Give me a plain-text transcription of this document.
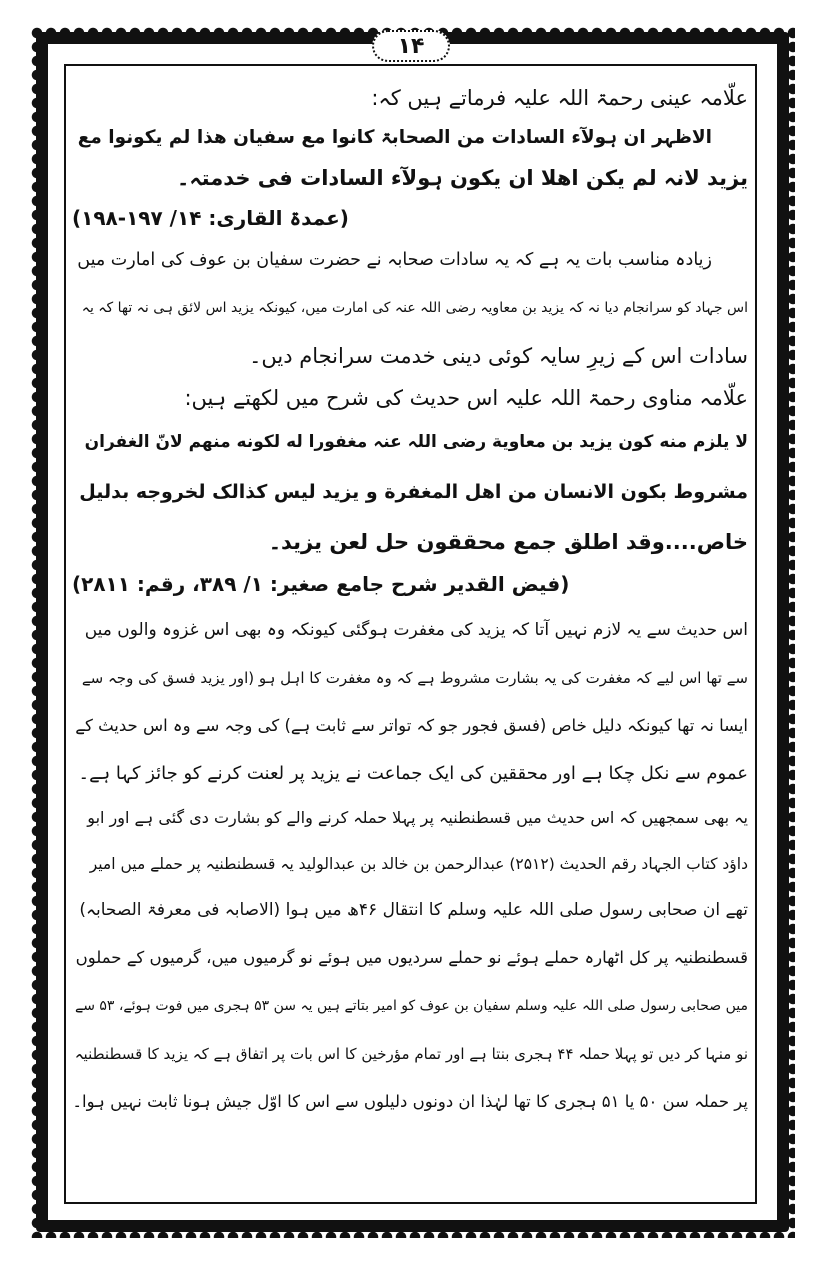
۱۴
علّامہ عینی رحمۃ اللہ علیہ فرماتے ہیں کہ:
الاظہر ان ہولآء السادات من الصحابۃ کانوا مع سفیان ھذا لم یکونوا مع
یزید لانہ لم یکن اھلا ان یکون ہولآء السادات فی خدمتہ۔
(عمدۃ القاری: ۱۴/ ۱۹۷-۱۹۸)
زیادہ مناسب بات یہ ہے کہ یہ سادات صحابہ نے حضرت سفیان بن عوف کی امارت میں
اس جہاد کو سرانجام دیا نہ کہ یزید بن معاویہ رضی اللہ عنہ کی امارت میں، کیونکہ یزید اس لائق ہی نہ تھا کہ یہ
سادات اس کے زیرِ سایہ کوئی دینی خدمت سرانجام دیں۔
علّامہ مناوی رحمۃ اللہ علیہ اس حدیث کی شرح میں لکھتے ہیں:
لا یلزم منه کون یزید بن معاویة رضی اللہ عنہ مغفورا له لکونه منهم لانّ الغفران
مشروط بکون الانسان من اهل المغفرة و یزید لیس کذالک لخروجه بدلیل
خاص....وقد اطلق جمع محققون حل لعن یزید۔
(فیض القدیر شرح جامع صغیر: ۱/ ۳۸۹، رقم: ۲۸۱۱)
اس حدیث سے یہ لازم نہیں آتا کہ یزید کی مغفرت ہوگئی کیونکہ وہ بھی اس غزوہ والوں میں
سے تھا اس لیے کہ مغفرت کی یہ بشارت مشروط ہے کہ وہ مغفرت کا اہل ہو (اور یزید فسق کی وجہ سے
ایسا نہ تھا کیونکہ دلیل خاص (فسق فجور جو کہ تواتر سے ثابت ہے) کی وجہ سے وہ اس حدیث کے
عموم سے نکل چکا ہے اور محققین کی ایک جماعت نے یزید پر لعنت کرنے کو جائز کہا ہے۔
یہ بھی سمجھیں کہ اس حدیث میں قسطنطنیہ پر پہلا حملہ کرنے والے کو بشارت دی گئی ہے اور ابو
داؤد کتاب الجہاد رقم الحدیث (۲۵۱۲) عبدالرحمن بن خالد بن عبدالولید یہ قسطنطنیہ پر حملے میں امیر
تھے ان صحابی رسول صلی اللہ علیہ وسلم کا انتقال ۴۶ھ میں ہوا (الاصابہ فی معرفۃ الصحابہ)
قسطنطنیہ پر کل اٹھارہ حملے ہوئے نو حملے سردیوں میں ہوئے نو گرمیوں میں، گرمیوں کے حملوں
میں صحابی رسول صلی اللہ علیہ وسلم سفیان بن عوف کو امیر بتاتے ہیں یہ سن ۵۳ ہجری میں فوت ہوئے، ۵۳ سے
نو منہا کر دیں تو پہلا حملہ ۴۴ ہجری بنتا ہے اور تمام مؤرخین کا اس بات پر اتفاق ہے کہ یزید کا قسطنطنیہ
پر حملہ سن ۵۰ یا ۵۱ ہجری کا تھا لہٰذا ان دونوں دلیلوں سے اس کا اوّل جیش ہونا ثابت نہیں ہوا۔
